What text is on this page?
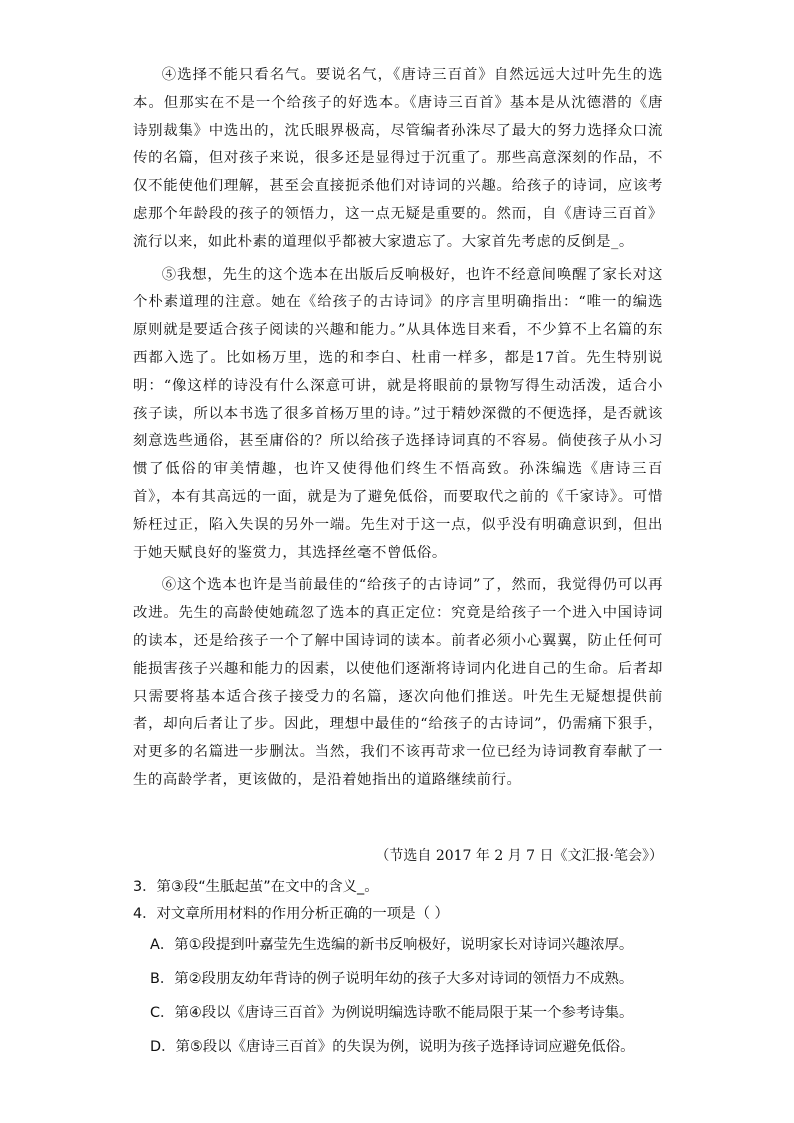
④选择不能只看名气。要说名气，《唐诗三百首》自然远远大过叶先生的选本。但那实在不是一个给孩子的好选本。《唐诗三百首》基本是从沈德潜的《唐诗别裁集》中选出的，沈氏眼界极高，尽管编者孙洙尽了最大的努力选择众口流传的名篇，但对孩子来说，很多还是显得过于沉重了。那些高意深刻的作品，不仅不能使他们理解，甚至会直接扼杀他们对诗词的兴趣。给孩子的诗词，应该考虑那个年龄段的孩子的领悟力，这一点无疑是重要的。然而，自《唐诗三百首》流行以来，如此朴素的道理似乎都被大家遗忘了。大家首先考虑的反倒是_。

⑤我想，先生的这个选本在出版后反响极好，也许不经意间唤醒了家长对这个朴素道理的注意。她在《给孩子的古诗词》的序言里明确指出：“唯一的编选原则就是要适合孩子阅读的兴趣和能力。”从具体选目来看，不少算不上名篇的东西都入选了。比如杨万里，选的和李白、杜甫一样多，都是17首。先生特别说明：“像这样的诗没有什么深意可讲，就是将眼前的景物写得生动活泼，适合小孩子读，所以本书选了很多首杨万里的诗。”过于精妙深微的不便选择，是否就该刻意选些通俗，甚至庸俗的？所以给孩子选择诗词真的不容易。倘使孩子从小习惯了低俗的审美情趣，也许又使得他们终生不悟高致。孙洙编选《唐诗三百首》，本有其高远的一面，就是为了避免低俗，而要取代之前的《千家诗》。可惜矫枉过正，陷入失误的另外一端。先生对于这一点，似乎没有明确意识到，但出于她天赋良好的鉴赏力，其选择丝毫不曾低俗。

⑥这个选本也许是当前最佳的“给孩子的古诗词”了，然而，我觉得仍可以再改进。先生的高龄使她疏忽了选本的真正定位：究竟是给孩子一个进入中国诗词的读本，还是给孩子一个了解中国诗词的读本。前者必须小心翼翼，防止任何可能损害孩子兴趣和能力的因素，以使他们逐渐将诗词内化进自己的生命。后者却只需要将基本适合孩子接受力的名篇，逐次向他们推送。叶先生无疑想提供前者，却向后者让了步。因此，理想中最佳的“给孩子的古诗词”，仍需痛下狠手，对更多的名篇进一步删汰。当然，我们不该再苛求一位已经为诗词教育奉献了一生的高龄学者，更该做的，是沿着她指出的道路继续前行。

（节选自 2017 年 2 月 7 日《文汇报·笔会》）
3．第③段“生胝起茧”在文中的含义_。
4．对文章所用材料的作用分析正确的一项是（ ）
A．第①段提到叶嘉莹先生选编的新书反响极好，说明家长对诗词兴趣浓厚。
B．第②段朋友幼年背诗的例子说明年幼的孩子大多对诗词的领悟力不成熟。
C．第④段以《唐诗三百首》为例说明编选诗歌不能局限于某一个参考诗集。
D．第⑤段以《唐诗三百首》的失误为例，说明为孩子选择诗词应避免低俗。
